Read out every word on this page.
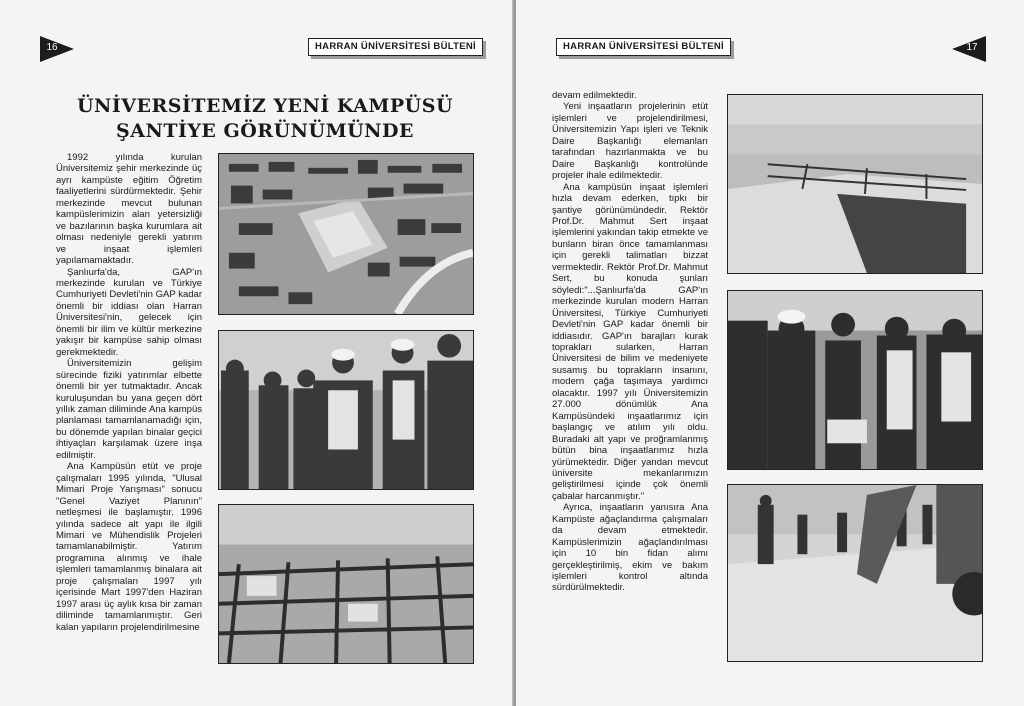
16	HARRAN ÜNİVERSİTESİ BÜLTENİ
ÜNİVERSİTEMİZ YENİ KAMPÜSÜ
ŞANTİYE GÖRÜNÜMÜNDE

1992 yılında kurulan Üniversitemiz şehir merkezinde üç ayrı kampüste eğitim Öğretim faaliyetlerini sürdürmektedir. Şehir merkezinde mevcut bulunan kampüslerimizin alan yetersizliği ve bazılarının başka kurumlara ait olması nedeniyle gerekli yatırım ve inşaat işlemleri yapılamamaktadır.

Şanlıurfa'da, GAP'ın merkezinde kurulan ve Türkiye Cumhuriyeti Devleti'nin GAP kadar önemli bir iddiası olan Harran Üniversitesi'nin, gelecek için önemli bir ilim ve kültür merkezine yakışır bir kampüse sahip olması gerekmektedir.

Üniversitemizin gelişim sürecinde fiziki yatırımlar elbette önemli bir yer tutmaktadır. Ancak kuruluşundan bu yana geçen dört yıllık zaman diliminde Ana kampüs planlaması tamamlanamadığı için, bu dönemde yapılan binalar geçici ihtiyaçları karşılamak üzere inşa edilmiştir.

Ana Kampüsün etüt ve proje çalışmaları 1995 yılında, "Ulusal Mimari Proje Yarışması" sonucu "Genel Vaziyet Planının" netleşmesi ile başlamıştır. 1996 yılında sadece alt yapı ile ilgili Mimari ve Mühendislik Projeleri tamamlanabilmiştir. Yatırım programına alınmış ve ihale işlemleri tamamlanmış binalara ait proje çalışmaları 1997 yılı içerisinde Mart 1997'den Haziran 1997 arası üç aylık kısa bir zaman diliminde tamamlanmıştır. Geri kalan yapıların projelendirilmesine

17
HARRAN ÜNİVERSİTESİ BÜLTENİ

devam edilmektedir.

Yeni inşaatların projelerinin etüt işlemleri ve projelendirilmesi, Üniversitemizin Yapı işleri ve Teknik Daire Başkanlığı elemanları tarafından hazırlanmakta ve bu Daire Başkanlığı kontrolünde projeler ihale edilmektedir.

Ana kampüsün inşaat işlemleri hızla devam ederken, tıpkı bir şantiye görünümündedir. Rektör Prof.Dr. Mahmut Sert inşaat işlemlerini yakından takip etmekte ve bunların biran önce tamamlanması için gerekli talimatları bizzat vermektedir. Rektör Prof.Dr. Mahmut Sert, bu konuda şunları söyledi:"...Şanlıurfa'da GAP'ın merkezinde kurulan modern Harran Üniversitesi, Türkiye Cumhuriyeti Devleti'nin GAP kadar önemli bir iddiasıdır. GAP'ın barajları kurak toprakları sularken, Harran Üniversitesi de bilim ve medeniyete susamış bu toprakların insanını, modern çağa taşımaya yardımcı olacaktır. 1997 yılı Üniversitemizin 27.000 dönümlük Ana Kampüsündeki inşaatlarımız için başlangıç ve atılım yılı oldu. Buradaki alt yapı ve proğramlanmış bütün bina inşaatlarımız hızla yürümektedir. Diğer yandan mevcut üniversite mekanlarımızın geliştirilmesi içinde çok önemli çabalar harcanmıştır."

Ayrıca, inşaatların yanısıra Ana Kampüste ağaçlandırma çalışmaları da devam etmektedir. Kampüslerimizin ağaçlandırılması için 10 bin fidan alımı gerçekleştirilmiş, ekim ve bakım işlemleri kontrol altında sürdürülmektedir.
